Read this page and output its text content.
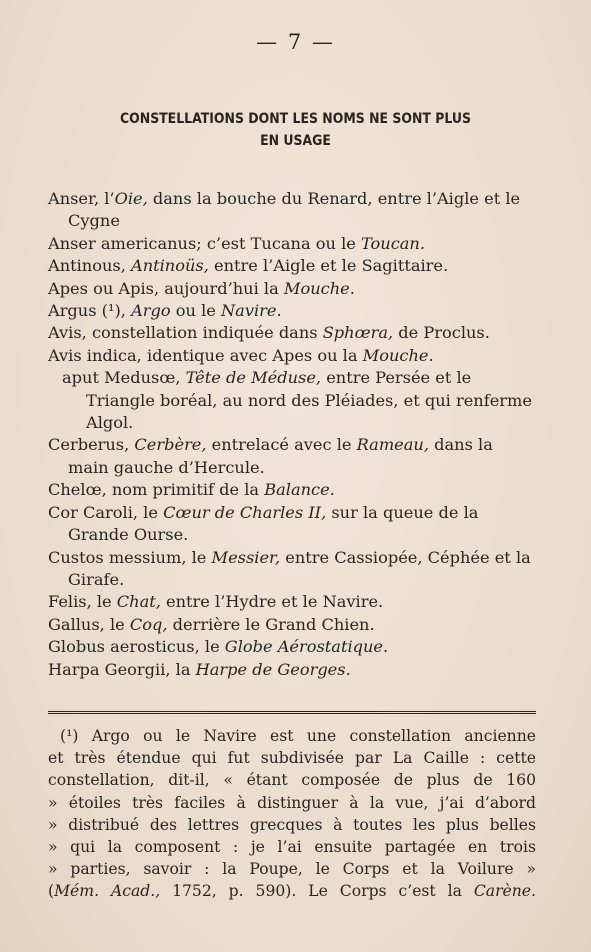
— 7 —
CONSTELLATIONS DONT LES NOMS NE SONT PLUS
EN USAGE
Anser, l’Oie, dans la bouche du Renard, entre l’Aigle et le Cygne
Anser americanus; c’est Tucana ou le Toucan.
Antinous, Antinoüs, entre l’Aigle et le Sagittaire.
Apes ou Apis, aujourd’hui la Mouche.
Argus (¹), Argo ou le Navire.
Avis, constellation indiquée dans Sphœra, de Proclus.
Avis indica, identique avec Apes ou la Mouche.
aput Medusœ, Tête de Méduse, entre Persée et le Triangle boréal, au nord des Pléiades, et qui renferme Algol.
Cerberus, Cerbère, entrelacé avec le Rameau, dans la main gauche d’Hercule.
Chelœ, nom primitif de la Balance.
Cor Caroli, le Cœur de Charles II, sur la queue de la Grande Ourse.
Custos messium, le Messier, entre Cassiopée, Céphée et la Girafe.
Felis, le Chat, entre l’Hydre et le Navire.
Gallus, le Coq, derrière le Grand Chien.
Globus aerosticus, le Globe Aérostatique.
Harpa Georgii, la Harpe de Georges.
(¹) Argo ou le Navire est une constellation ancienne
et très étendue qui fut subdivisée par La Caille : cette
constellation, dit-il, « étant composée de plus de 160
» étoiles très faciles à distinguer à la vue, j’ai d’abord
» distribué des lettres grecques à toutes les plus belles
» qui la composent : je l’ai ensuite partagée en trois
» parties, savoir : la Poupe, le Corps et la Voilure »
(Mém. Acad., 1752, p. 590). Le Corps c’est la Carène.
